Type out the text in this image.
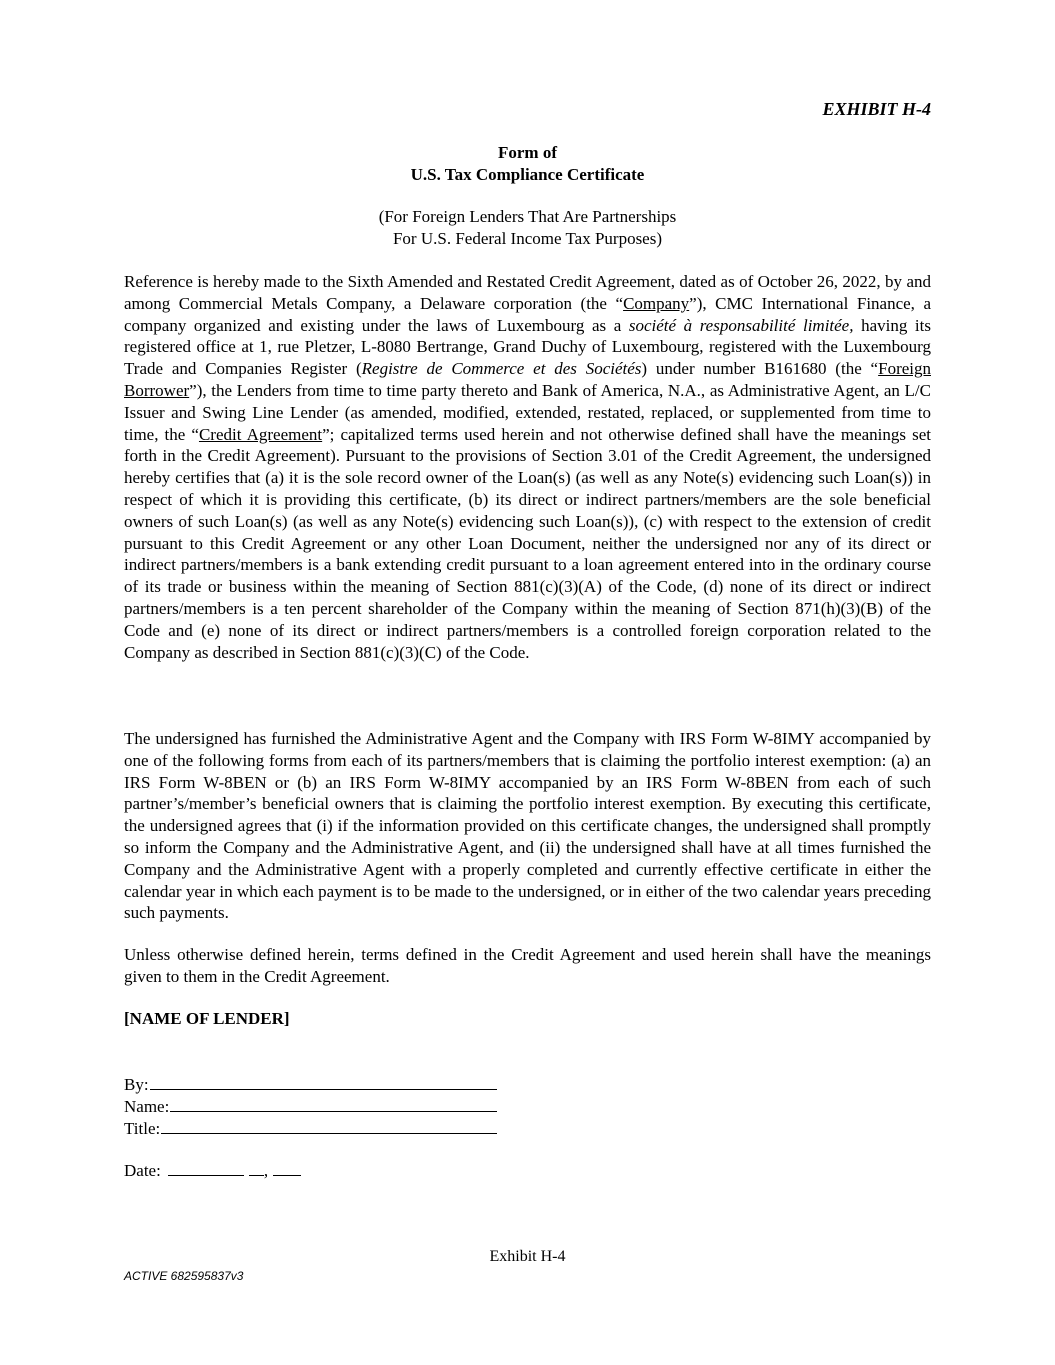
EXHIBIT H-4
Form of
U.S. Tax Compliance Certificate
(For Foreign Lenders That Are Partnerships
For U.S. Federal Income Tax Purposes)
Reference is hereby made to the Sixth Amended and Restated Credit Agreement, dated as of October 26, 2022, by and among Commercial Metals Company, a Delaware corporation (the “Company”), CMC International Finance, a company organized and existing under the laws of Luxembourg as a société à responsabilité limitée, having its registered office at 1, rue Pletzer, L-8080 Bertrange, Grand Duchy of Luxembourg, registered with the Luxembourg Trade and Companies Register (Registre de Commerce et des Sociétés) under number B161680 (the “Foreign Borrower”), the Lenders from time to time party thereto and Bank of America, N.A., as Administrative Agent, an L/C Issuer and Swing Line Lender (as amended, modified, extended, restated, replaced, or supplemented from time to time, the “Credit Agreement”; capitalized terms used herein and not otherwise defined shall have the meanings set forth in the Credit Agreement). Pursuant to the provisions of Section 3.01 of the Credit Agreement, the undersigned hereby certifies that (a) it is the sole record owner of the Loan(s) (as well as any Note(s) evidencing such Loan(s)) in respect of which it is providing this certificate, (b) its direct or indirect partners/members are the sole beneficial owners of such Loan(s) (as well as any Note(s) evidencing such Loan(s)), (c) with respect to the extension of credit pursuant to this Credit Agreement or any other Loan Document, neither the undersigned nor any of its direct or indirect partners/members is a bank extending credit pursuant to a loan agreement entered into in the ordinary course of its trade or business within the meaning of Section 881(c)(3)(A) of the Code, (d) none of its direct or indirect partners/members is a ten percent shareholder of the Company within the meaning of Section 871(h)(3)(B) of the Code and (e) none of its direct or indirect partners/members is a controlled foreign corporation related to the Company as described in Section 881(c)(3)(C) of the Code.
The undersigned has furnished the Administrative Agent and the Company with IRS Form W-8IMY accompanied by one of the following forms from each of its partners/members that is claiming the portfolio interest exemption: (a) an IRS Form W-8BEN or (b) an IRS Form W-8IMY accompanied by an IRS Form W-8BEN from each of such partner’s/member’s beneficial owners that is claiming the portfolio interest exemption. By executing this certificate, the undersigned agrees that (i) if the information provided on this certificate changes, the undersigned shall promptly so inform the Company and the Administrative Agent, and (ii) the undersigned shall have at all times furnished the Company and the Administrative Agent with a properly completed and currently effective certificate in either the calendar year in which each payment is to be made to the undersigned, or in either of the two calendar years preceding such payments.
Unless otherwise defined herein, terms defined in the Credit Agreement and used herein shall have the meanings given to them in the Credit Agreement.
[NAME OF LENDER]
By:
Name:
Title:
Date:	,
Exhibit H-4
ACTIVE 682595837v3
